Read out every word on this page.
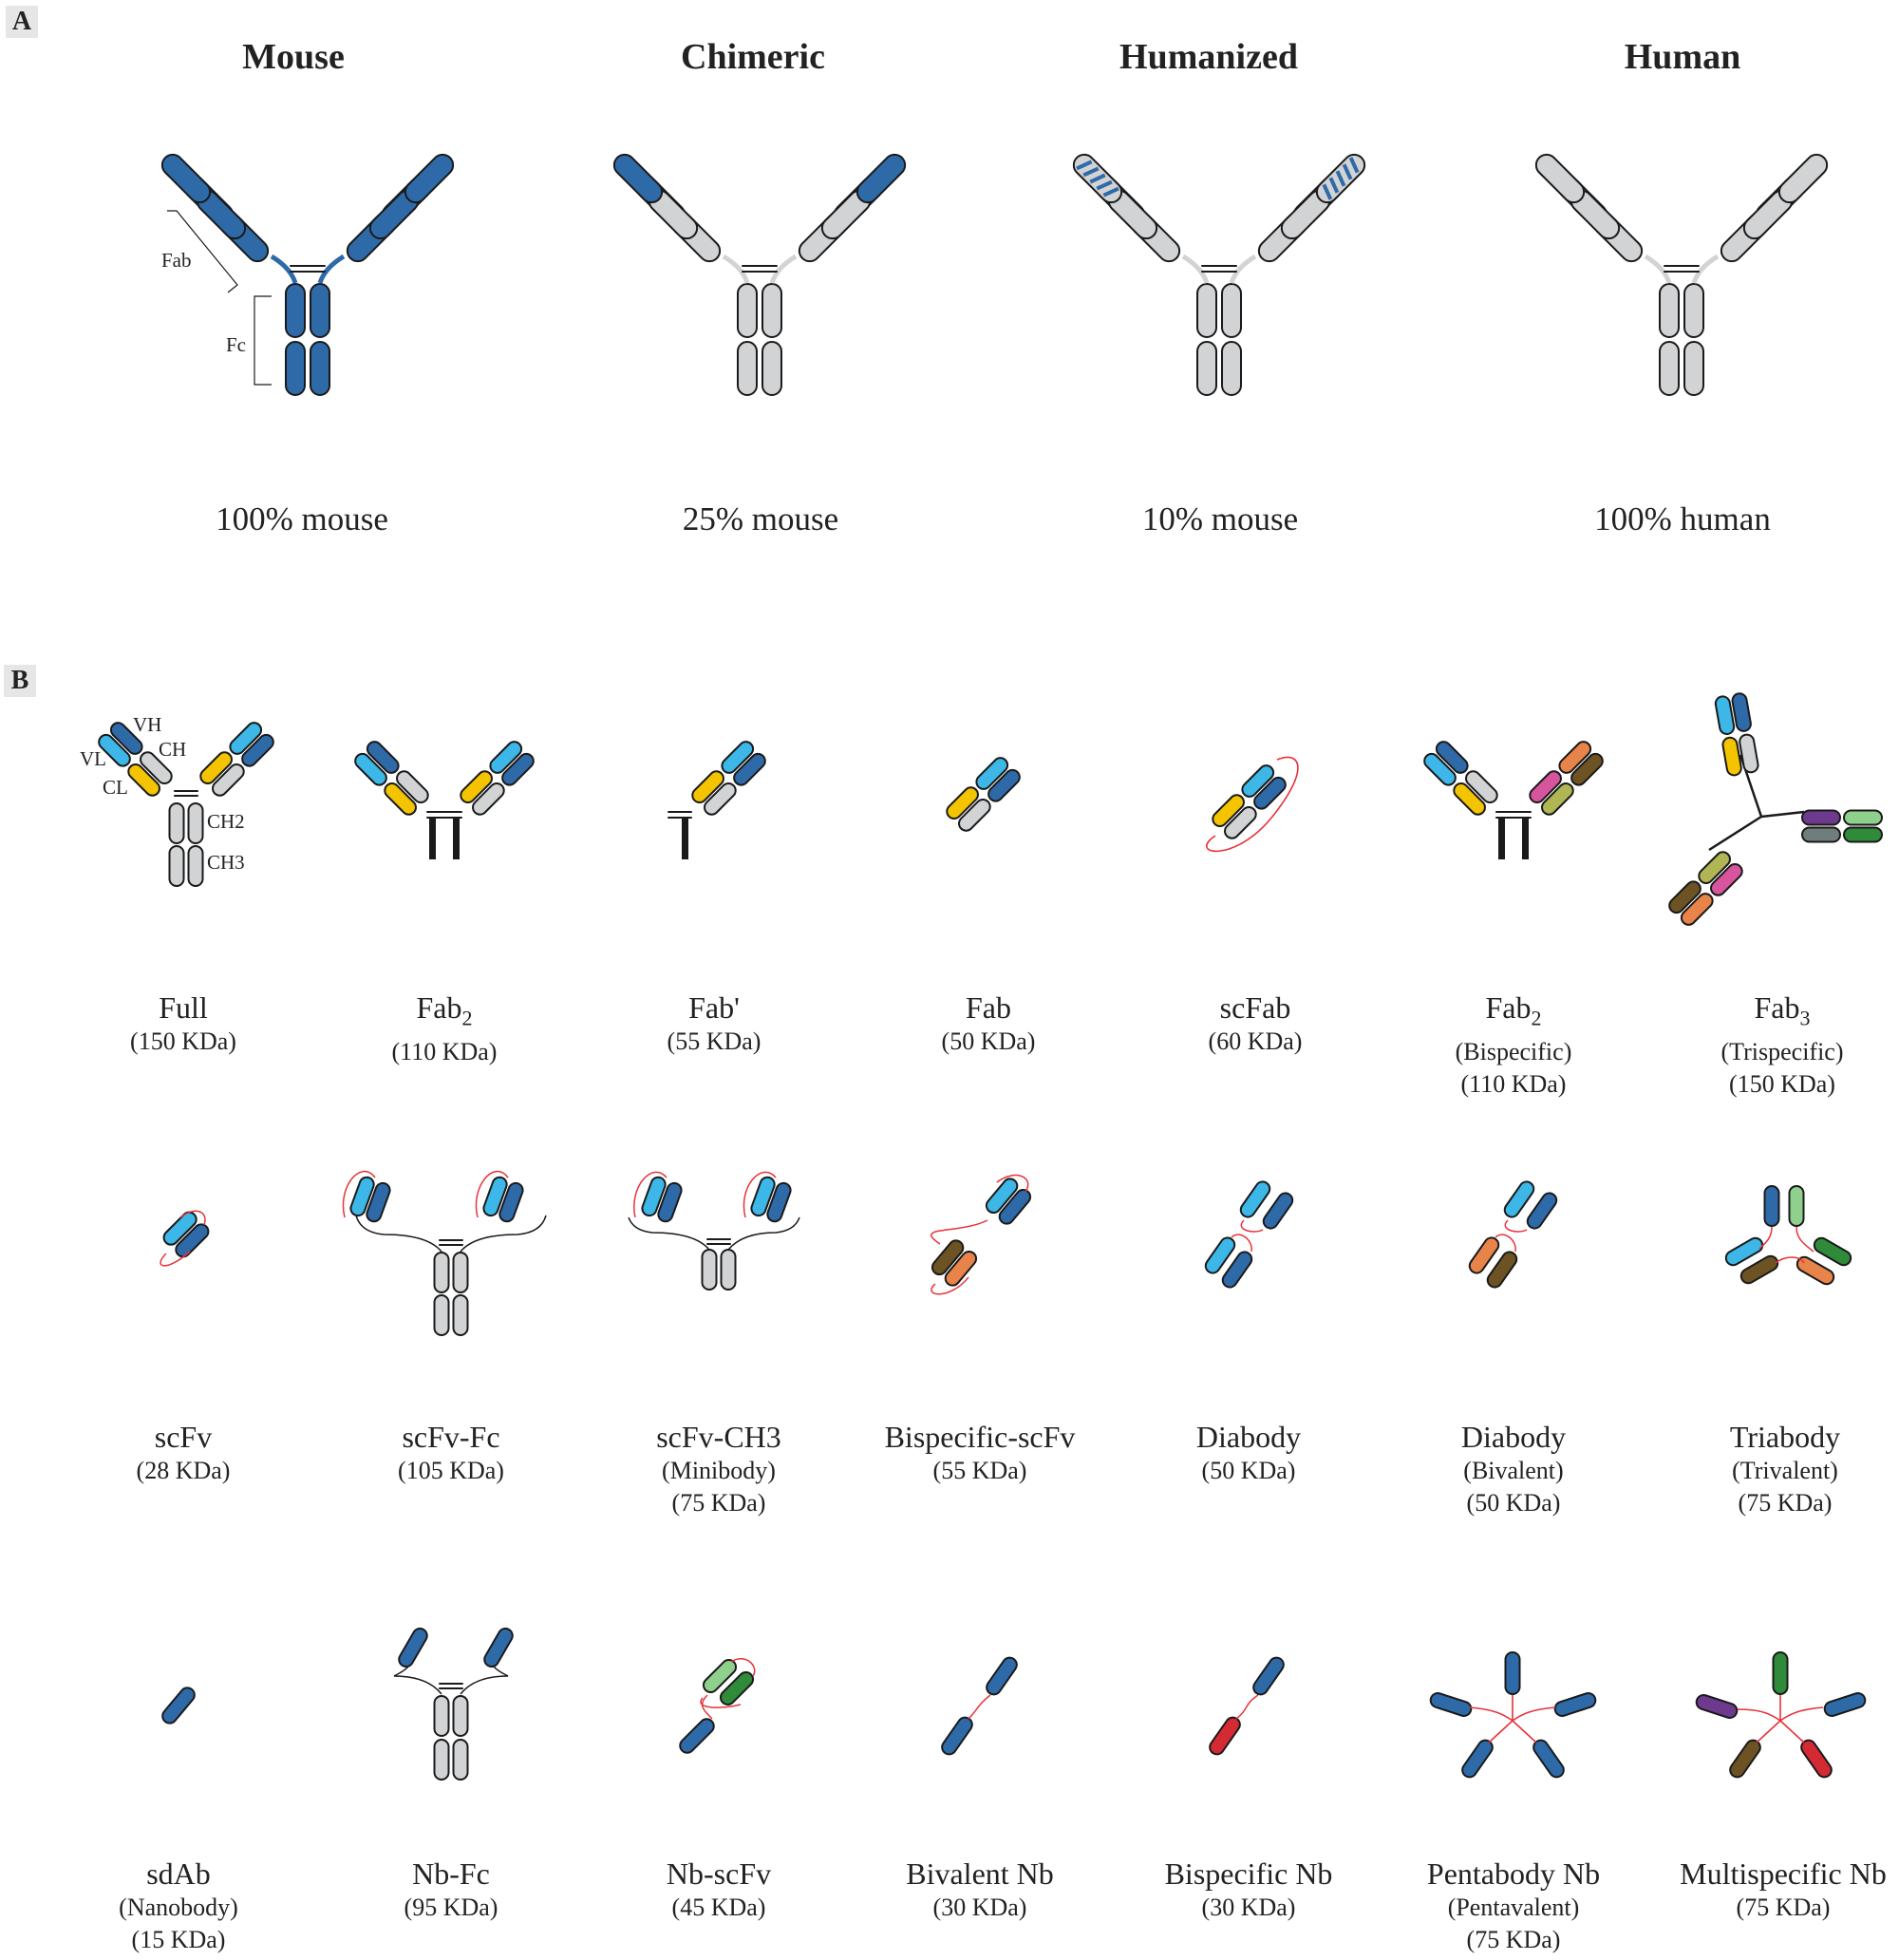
A
Mouse	Chimeric	Humanized	Human
100% mouse	25% mouse	10% mouse	100% human
B
Full
(150 KDa)
Fab$_2$
(110 KDa)
Fab'
(55 KDa)
Fab
(50 KDa)
scFab
(60 KDa)
Fab$_2$
(Bispecific)
(110 KDa)
Fab$_3$
(Trispecific)
(150 KDa)
scFv
(28 KDa)
scFv-Fc
(105 KDa)
scFv-CH3
(Minibody)
(75 KDa)
Bispecific-scFv
(55 KDa)
Diabody
(50 KDa)
Diabody
(Bivalent)
(50 KDa)
Triabody
(Trivalent)
(75 KDa)
sdAb
(Nanobody)
(15 KDa)
Nb-Fc
(95 KDa)
Nb-scFv
(45 KDa)
Bivalent Nb
(30 KDa)
Bispecific Nb
(30 KDa)
Pentabody Nb
(Pentavalent)
(75 KDa)
Multispecific Nb
(75 KDa)
Fab
Fc
VH
VL	CH
CL
CH2
CH3
